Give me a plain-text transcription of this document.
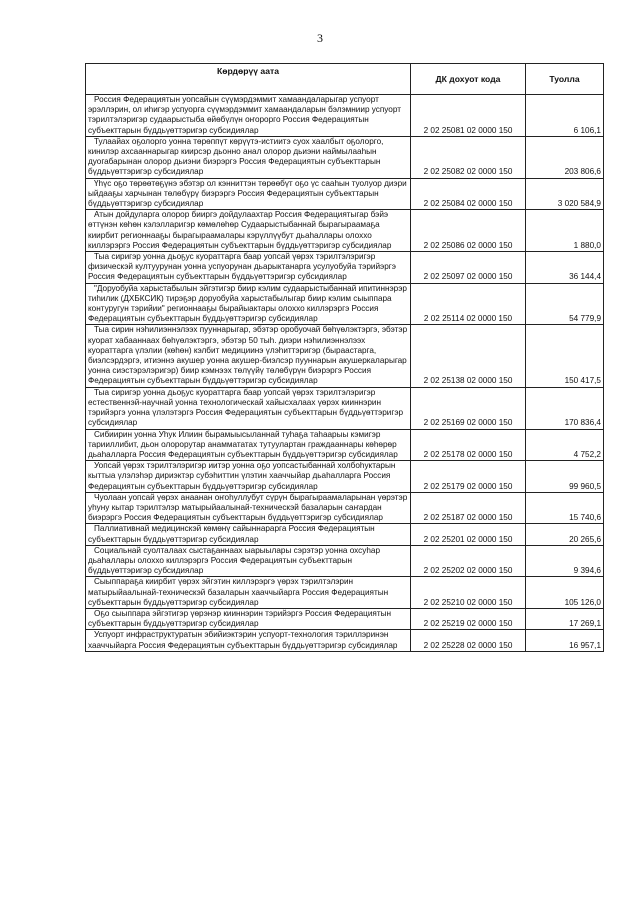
3
Көрдөрүү аата	ДК дохуот кода	Туолла
Россия Федерациятын уопсайын сүүмэрдэммит хамаандаларыгар успуорт эрэллэрин, ол иһигэр успуорга сүүмэрдэммит хамаандаларын бэлэмниир успуорт тэрилтэлэригэр судаарыстыба өйөбүлүн оҥорорго Россия Федерациятын субъекттарын бүддьүөттэригэр субсидиялар	2 02 25081 02 0000 150	6 106,1
Тулаайах оҕолорго уонна төрөппүт көрүүтэ-истиитэ суох хаалбыт оҕолорго, кинилэр ахсааннарыгар киирсэр дьонно анал олорор дьиэни наймылааһын дуогабарынан олорор дьиэни биэрэргэ Россия Федерациятын субъекттарын бүддьүөттэригэр субсидиялар	2 02 25082 02 0000 150	203 806,6
Үһүс оҕо төрөөтөҕүнэ эбэтэр ол кэнниттэн төрөөбүт оҕо үс сааһын туолуор диэри ыйдааҕы харчынан төлөбүрү биэрэргэ Россия Федерациятын субъекттарын бүддьүөттэригэр субсидиялар	2 02 25084 02 0000 150	3 020 584,9
Атын дойдуларга олорор бииргэ дойдулаахтар Россия Федерациятыгар бэйэ өттүнэн көһөн кэлэлларигэр көмөлөһөр Судаарыстыбаннай бырагыраамаҕа киирбит регионнааҕы бырагыраамалары кэрүллүүбут дьаһаллары олоххо киллэрэргэ Россия Федерациятын субъекттарын бүддьүөттэригэр субсидиялар	2 02 25086 02 0000 150	1 880,0
Тыа сиригэр уонна дьоҕус куораттарга баар уопсай үөрэх тэрилтэлэригэр физическэй култуурунан уонна успуорунан дьарыктанарга усулуобуйа тэрийэргэ Россия Федерациятын субъекттарын бүддьүөттэригэр субсидиялар	2 02 25097 02 0000 150	36 144,4
"Доруобуйа харыстабылын эйгэтигэр биир кэлим судаарыстыбаннай ипитиннэрэр тиһилик (ДХБКСИК) тирэҕэр доруобуйа харыстабылыгар биир кэлим сыыппара контуругун тэрийии" регионнааҕы бырайыактары олоххо киллэрэргэ Россия Федерациятын субъекттарын бүддьүөттэригэр субсидиялар	2 02 25114 02 0000 150	54 779,9
Тыа сирин нэһилиэннэлээх пууннарыгар, эбэтэр оробуочай бөһүөлэктэргэ, эбэтэр куорат хабааннаах бөһүөлэктэргэ, эбэтэр 50 тыһ. диэри нэһилиэннэлээх куораттарга үлэлии (көһөн) кэлбит медициинэ үлэһиттэригэр (быраастарга, биэлсэрдэргэ, итиэннэ акушер уонна акушер-биэлсэр пууннарын акушеркаларыгар уонна сиэстэрэлэригэр) биир кэмнээх төлүүйү төлөбүрүн биэрэргэ Россия Федерациятын субъекттарын бүддьүөттэригэр субсидиялар	2 02 25138 02 0000 150	150 417,5
Тыа сиригэр уонна дьоҕус куораттарга баар уопсай үөрэх тэрилтэлэригэр естественнэй-научнай уонна технологическай хайысхалаах үөрэх кииннэрин тэрийэргэ уонна үлэлэтэргэ Россия Федерациятын субъекттарын бүддьүөттэригэр субсидиялар	2 02 25169 02 0000 150	170 836,4
Сибиирин уонна Уһук Илиин бырамыысыланнай туһаҕа таһаарыы кэмигэр тарииллибит, дьон олорорутар анаммататах тутуулартан граждааннары көһөрөр дьаһалларга Россия Федерациятын субъекттарын бүддьүөттэригэр субсидиялар	2 02 25178 02 0000 150	4 752,2
Уопсай үөрэх тэрилтэлэригэр иитэр уонна оҕо уопсастыбаннай холбоһуктарын кыттыа үлэлэһэр дириэктэр субэһиттин үлэтин хааччыйар дьаһалларга Россия Федерациятын субъекттарын бүддьүөттэригэр субсидиялар	2 02 25179 02 0000 150	99 960,5
Чуолаан уопсай үөрэх анаанан оҥоһуллубут сүрүн бырагыраамаларынан үөрэтэр уһуну кытар тэрилтэлэр матырыйаалынай-техническэй базаларын саҥардан биэрэргэ Россия Федерациятын субъекттарын бүддьүөттэригэр субсидиялар	2 02 25187 02 0000 150	15 740,6
Паллиативнай медицинскэй көмөнү сайыннарарга Россия Федерациятын субъекттарын бүддьүөттэригэр субсидиялар	2 02 25201 02 0000 150	20 265,6
Социальнай суолталаах сыстаҕаннаах ыарыылары сэрэтэр уонна охсуһар дьаһаллары олоххо киллэрэргэ Россия Федерациятын субъекттарын бүддьүөттэригэр субсидиялар	2 02 25202 02 0000 150	9 394,6
Сыыппараҕа киирбит үөрэх эйгэтин киллэрэргэ үөрэх тэрилтэлэрин матырыйаалынай-техническэй базаларын хааччыйарга Россия Федерациятын субъекттарын бүддьүөттэригэр субсидиялар	2 02 25210 02 0000 150	105 126,0
Оҕо сыыппара эйгэтигэр үөрэнэр кииннэрин тэрийэргэ Россия Федерациятын субъекттарын бүддьүөттэригэр субсидиялар	2 02 25219 02 0000 150	17 269,1
Успуорт инфраструктуратын эбийиэктэрин успуорт-технология тэриллэринэн хааччыйарга Россия Федерациятын субъекттарын бүддьүөттэригэр субсидиялар	2 02 25228 02 0000 150	16 957,1
